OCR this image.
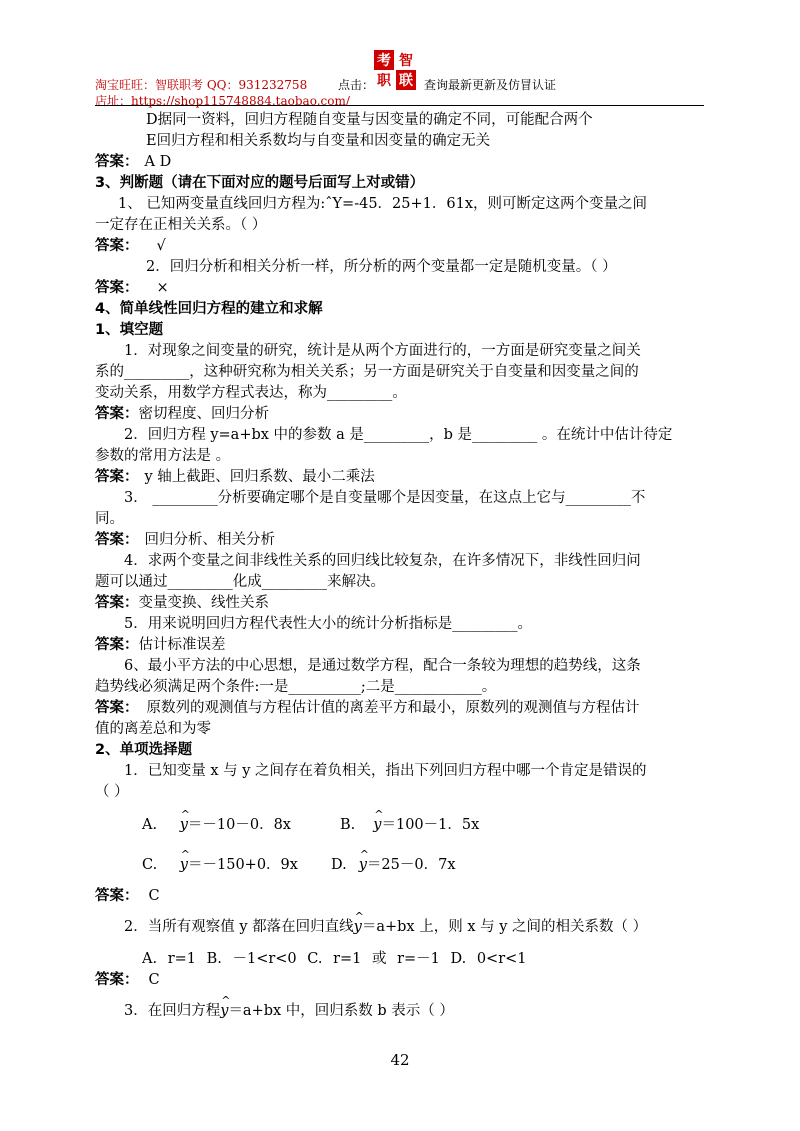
淘宝旺旺：智联职考 QQ：931232758	点击：
考 智
职 联 查询最新更新及仿冒认证
店址：https://shop115748884.taobao.com/
D据同一资料，回归方程随自变量与因变量的确定不同，可能配合两个
E回归方程和相关系数均与自变量和因变量的确定无关
答案： A D
3、判断题（请在下面对应的题号后面写上对或错）
1、 已知两变量直线回归方程为:ˆY=-45．25+1．61x，则可断定这两个变量之间
一定存在正相关关系。（ ）
答案： √
2．回归分析和相关分析一样，所分析的两个变量都一定是随机变量。（ ）
答案： ×
4、简单线性回归方程的建立和求解
1、填空题
1．对现象之间变量的研究，统计是从两个方面进行的，一方面是研究变量之间关
系的_________，这种研究称为相关关系；另一方面是研究关于自变量和因变量之间的
变动关系，用数学方程式表达，称为_________。
答案：密切程度、回归分析
2．回归方程 y=a+bx 中的参数 a 是_________，b 是_________ 。在统计中估计待定
参数的常用方法是 。
答案： y 轴上截距、回归系数、最小二乘法
3． _________分析要确定哪个是自变量哪个是因变量，在这点上它与_________不
同。
答案： 回归分析、相关分析
4．求两个变量之间非线性关系的回归线比较复杂，在许多情况下，非线性回归问
题可以通过_________化成_________来解决。
答案：变量变换、线性关系
5．用来说明回归方程代表性大小的统计分析指标是_________。
答案：估计标准误差
6、最小平方法的中心思想，是通过数学方程，配合一条较为理想的趋势线，这条
趋势线必须满足两个条件:一是__________;二是____________。
答案： 原数列的观测值与方程估计值的离差平方和最小，原数列的观测值与方程估计
值的离差总和为零
2、单项选择题
1．已知变量 x 与 y 之间存在着负相关，指出下列回归方程中哪一个肯定是错误的
（ ）
A. ^ y＝－10－0．8x	B. ^ y＝100－1．5x
C. ^ y＝－150+0．9x D. ^ y＝25－0．7x
答案： C
2．当所有观察值 y 都落在回归直线^ y＝a+bx 上，则 x 与 y 之间的相关系数（ ）
A. r=1 B. －1<r<0 C. r=1 或 r=－1 D. 0<r<1
答案： C
3．在回归方程^ y＝a+bx 中，回归系数 b 表示（ ）
42
